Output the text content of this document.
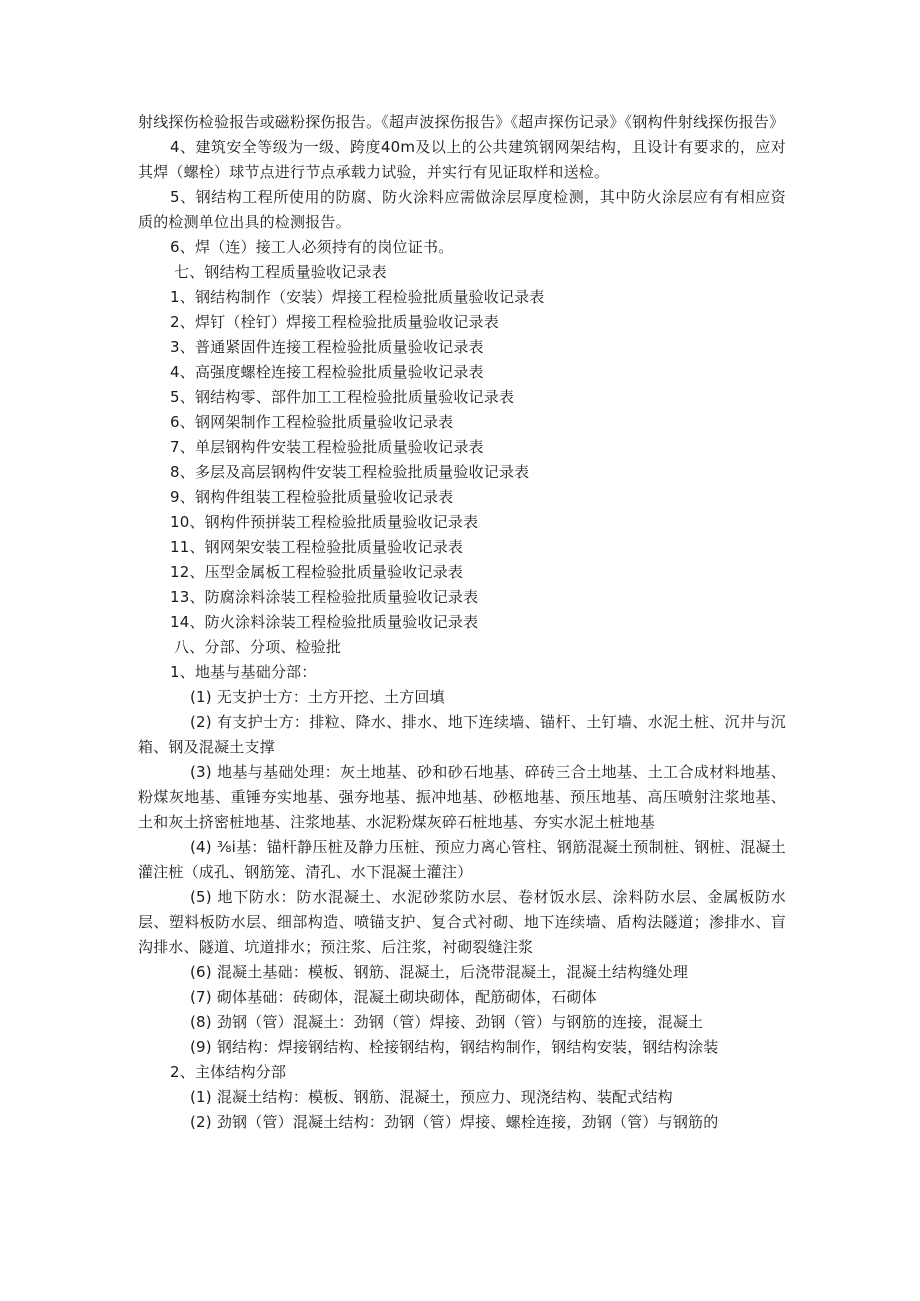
射线探伤检验报告或磁粉探伤报告。《超声波探伤报告》《超声探伤记录》《钢构件射线探伤报告》

4、建筑安全等级为一级、跨度40m及以上的公共建筑钢网架结构，且设计有要求的，应对其焊（螺栓）球节点进行节点承载力试验，并实行有见证取样和送检。

5、钢结构工程所使用的防腐、防火涂料应需做涂层厚度检测，其中防火涂层应有有相应资质的检测单位出具的检测报告。

6、焊（连）接工人必须持有的岗位证书。

七、钢结构工程质量验收记录表

1、钢结构制作（安装）焊接工程检验批质量验收记录表

2、焊钉（栓钉）焊接工程检验批质量验收记录表

3、普通紧固件连接工程检验批质量验收记录表

4、高强度螺栓连接工程检验批质量验收记录表

5、钢结构零、部件加工工程检验批质量验收记录表

6、钢网架制作工程检验批质量验收记录表

7、单层钢构件安装工程检验批质量验收记录表

8、多层及高层钢构件安装工程检验批质量验收记录表

9、钢构件组装工程检验批质量验收记录表

10、钢构件预拼装工程检验批质量验收记录表

11、钢网架安装工程检验批质量验收记录表

12、压型金属板工程检验批质量验收记录表

13、防腐涂料涂装工程检验批质量验收记录表

14、防火涂料涂装工程检验批质量验收记录表

八、分部、分项、检验批

1、地基与基础分部：

(1) 无支护士方：土方开挖、土方回填

(2) 有支护士方：排粒、降水、排水、地下连续墙、锚杆、土钉墙、水泥土桩、沉井与沉箱、钢及混凝土支撑

(3) 地基与基础处理：灰土地基、砂和砂石地基、碎砖三合土地基、土工合成材料地基、粉煤灰地基、重锤夯实地基、强夯地基、振冲地基、砂柩地基、预压地基、高压喷射注浆地基、土和灰土挤密桩地基、注浆地基、水泥粉煤灰碎石桩地基、夯实水泥土桩地基

(4) ⅜i基：锚杆静压桩及静力压桩、预应力离心管柱、钢筋混凝土预制桩、钢桩、混凝土灌注桩（成孔、钢筋笼、清孔、水下混凝土灌注）

(5) 地下防水：防水混凝土、水泥砂浆防水层、卷材饭水层、涂料防水层、金属板防水层、塑料板防水层、细部构造、喷锚支护、复合式衬砌、地下连续墙、盾构法隧道；渗排水、盲沟排水、隧道、坑道排水；预注浆、后注浆，衬砌裂缝注浆

(6) 混凝土基础：模板、钢筋、混凝土，后浇带混凝土，混凝土结构缝处理

(7) 砌体基础：砖砌体，混凝土砌块砌体，配筋砌体，石砌体

(8) 劲钢（管）混凝土：劲钢（管）焊接、劲钢（管）与钢筋的连接，混凝土

(9) 钢结构：焊接钢结构、栓接钢结构，钢结构制作，钢结构安装，钢结构涂装

2、主体结构分部

(1) 混凝土结构：模板、钢筋、混凝土，预应力、现浇结构、装配式结构

(2) 劲钢（管）混凝土结构：劲钢（管）焊接、螺栓连接，劲钢（管）与钢筋的
